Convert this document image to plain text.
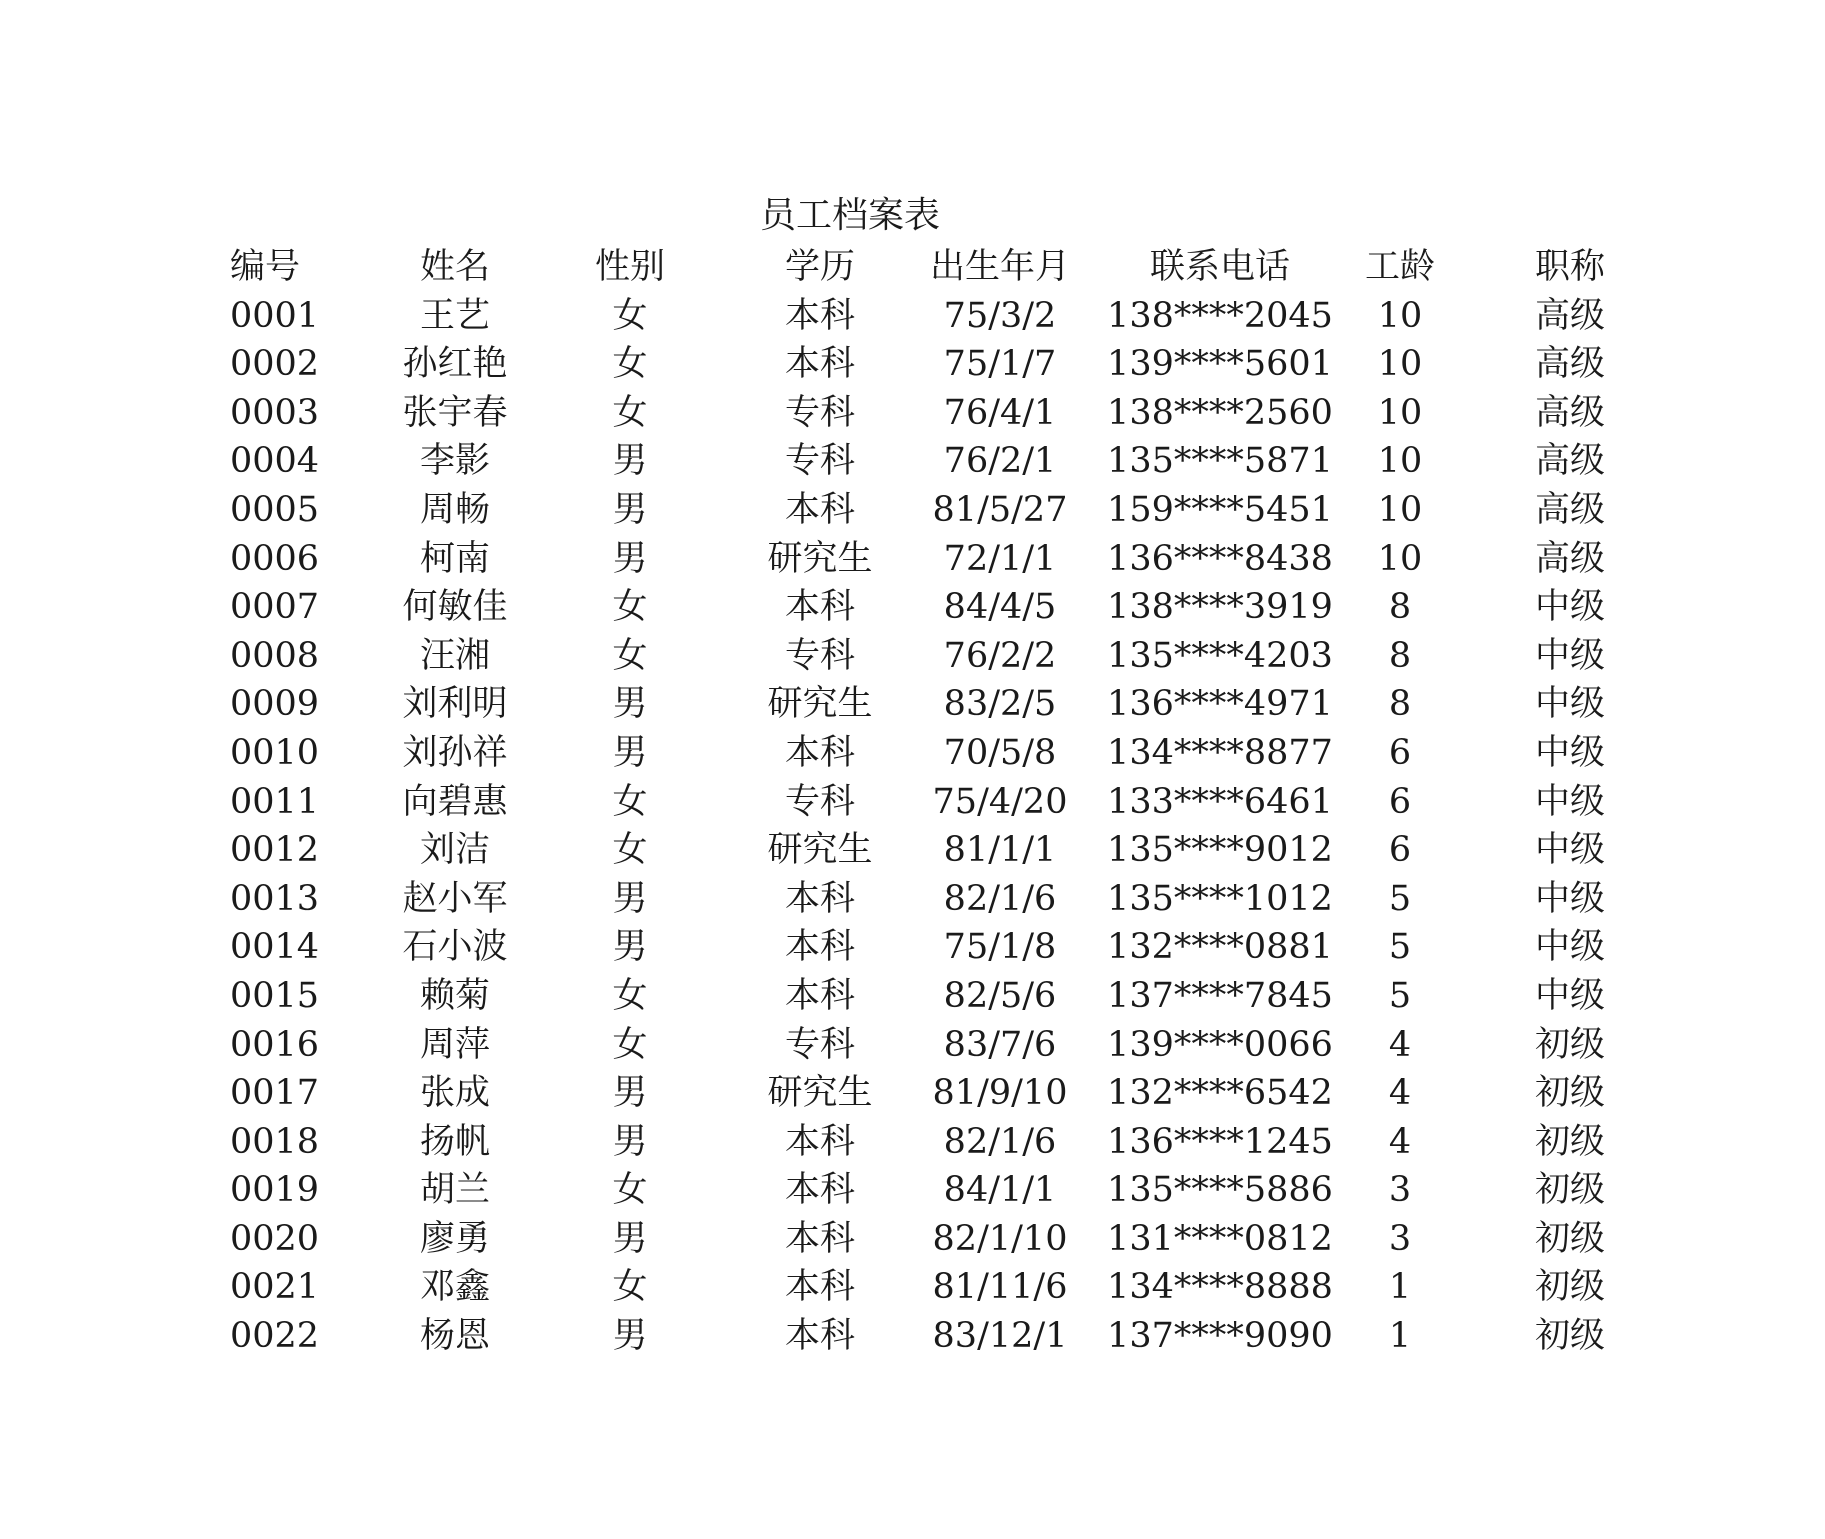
员工档案表
编号	姓名	性别	学历	出生年月	联系电话	工龄	职称
0001	王艺	女	本科	75/3/2	138****2045	10	高级
0002	孙红艳	女	本科	75/1/7	139****5601	10	高级
0003	张宇春	女	专科	76/4/1	138****2560	10	高级
0004	李影	男	专科	76/2/1	135****5871	10	高级
0005	周畅	男	本科	81/5/27	159****5451	10	高级
0006	柯南	男	研究生	72/1/1	136****8438	10	高级
0007	何敏佳	女	本科	84/4/5	138****3919	8	中级
0008	汪湘	女	专科	76/2/2	135****4203	8	中级
0009	刘利明	男	研究生	83/2/5	136****4971	8	中级
0010	刘孙祥	男	本科	70/5/8	134****8877	6	中级
0011	向碧惠	女	专科	75/4/20	133****6461	6	中级
0012	刘洁	女	研究生	81/1/1	135****9012	6	中级
0013	赵小军	男	本科	82/1/6	135****1012	5	中级
0014	石小波	男	本科	75/1/8	132****0881	5	中级
0015	赖菊	女	本科	82/5/6	137****7845	5	中级
0016	周萍	女	专科	83/7/6	139****0066	4	初级
0017	张成	男	研究生	81/9/10	132****6542	4	初级
0018	扬帆	男	本科	82/1/6	136****1245	4	初级
0019	胡兰	女	本科	84/1/1	135****5886	3	初级
0020	廖勇	男	本科	82/1/10	131****0812	3	初级
0021	邓鑫	女	本科	81/11/6	134****8888	1	初级
0022	杨恩	男	本科	83/12/1	137****9090	1	初级
